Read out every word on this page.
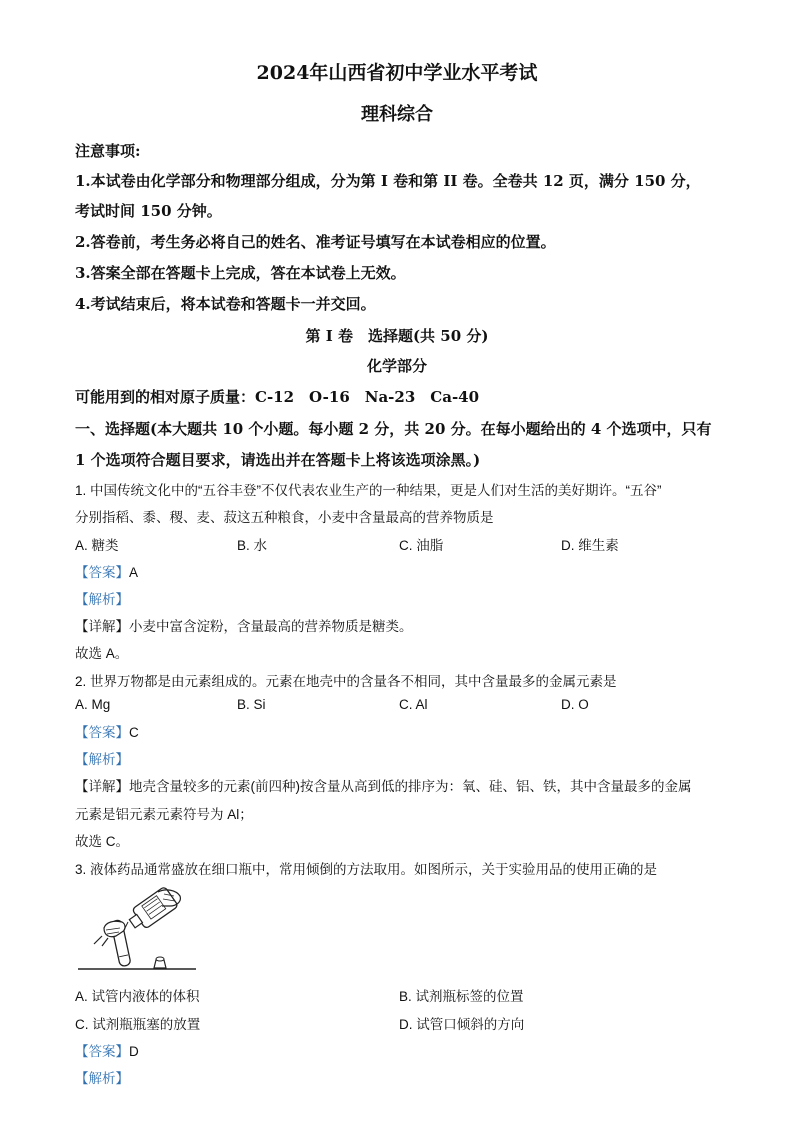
2024年山西省初中学业水平考试
理科综合
注意事项:
1.本试卷由化学部分和物理部分组成，分为第 I 卷和第 II 卷。全卷共 12 页，满分 150 分，
考试时间 150 分钟。
2.答卷前，考生务必将自己的姓名、准考证号填写在本试卷相应的位置。
3.答案全部在答题卡上完成，答在本试卷上无效。
4.考试结束后，将本试卷和答题卡一并交回。
第 I 卷　选择题(共 50 分)
化学部分
可能用到的相对原子质量：C-12　O-16　Na-23　Ca-40
一、选择题(本大题共 10 个小题。每小题 2 分，共 20 分。在每小题给出的 4 个选项中，只有
1 个选项符合题目要求，请选出并在答题卡上将该选项涂黑。)
1. 中国传统文化中的“五谷丰登”不仅代表农业生产的一种结果，更是人们对生活的美好期许。“五谷”
分别指稻、黍、稷、麦、菽这五种粮食，小麦中含量最高的营养物质是
A. 糖类	B. 水	C. 油脂	D. 维生素
【答案】A
【解析】
【详解】小麦中富含淀粉，含量最高的营养物质是糖类。
故选 A。
2. 世界万物都是由元素组成的。元素在地壳中的含量各不相同，其中含量最多的金属元素是
A. Mg	B. Si	C. Al	D. O
【答案】C
【解析】
【详解】地壳含量较多的元素(前四种)按含量从高到低的排序为：氧、硅、铝、铁，其中含量最多的金属
元素是铝元素元素符号为 Al；
故选 C。
3. 液体药品通常盛放在细口瓶中，常用倾倒的方法取用。如图所示，关于实验用品的使用正确的是
A. 试管内液体的体积	B. 试剂瓶标签的位置
C. 试剂瓶瓶塞的放置	D. 试管口倾斜的方向
【答案】D
【解析】
